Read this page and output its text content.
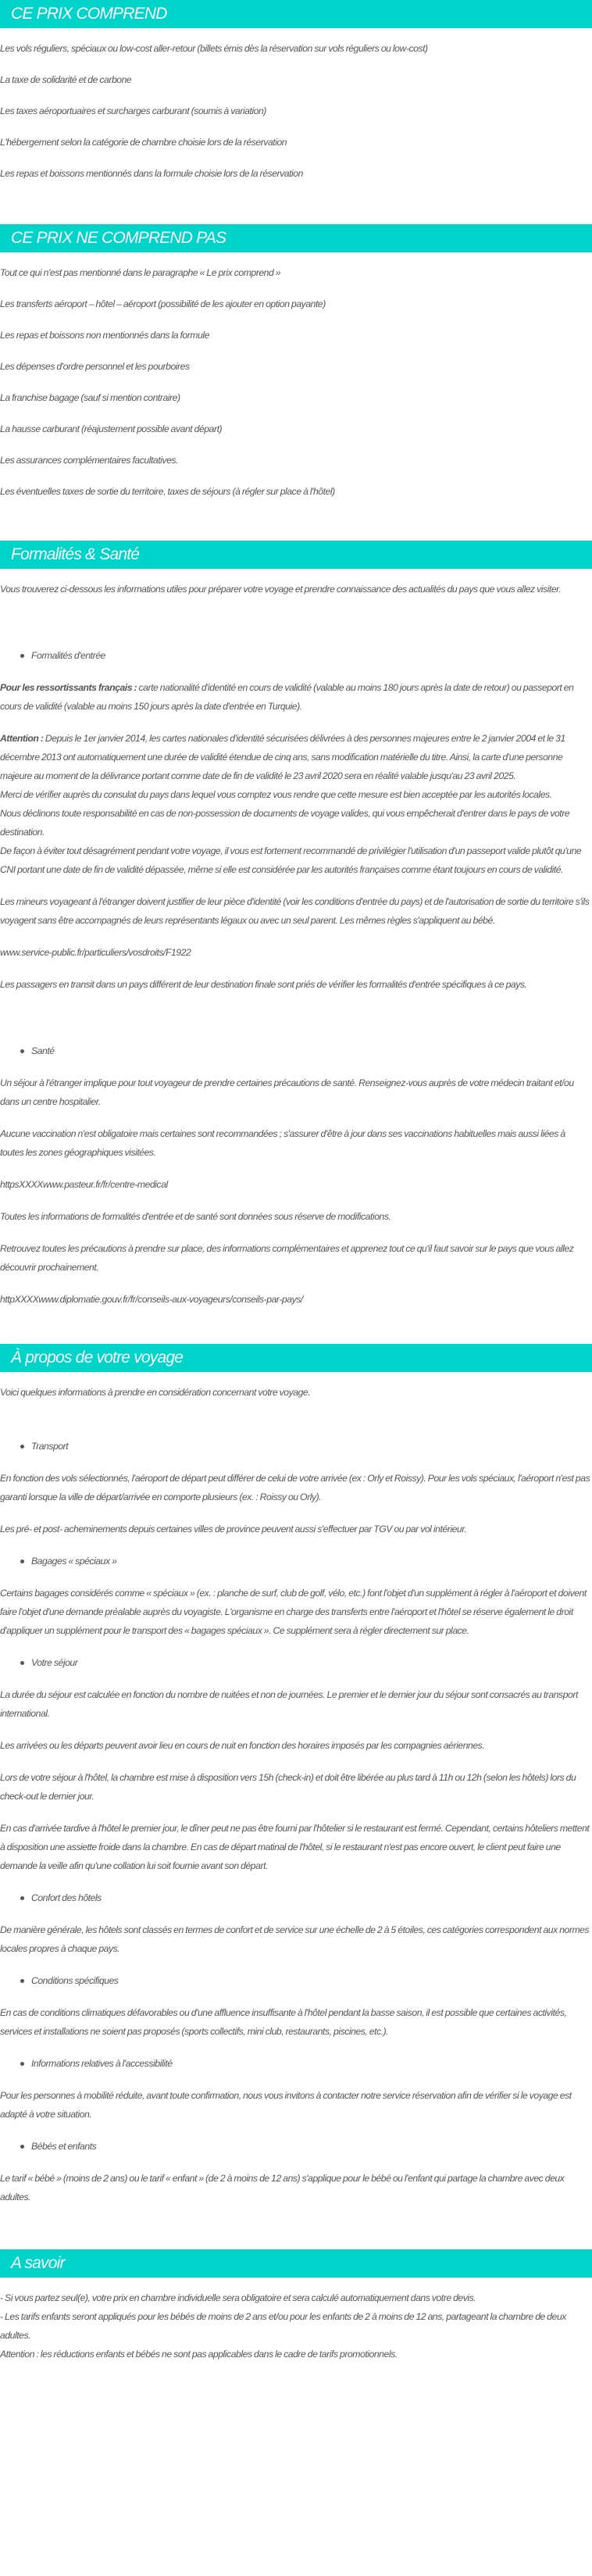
CE PRIX COMPREND
Les vols réguliers, spéciaux ou low-cost aller-retour (billets émis dès la réservation sur vols réguliers ou low-cost)
La taxe de solidarité et de carbone
Les taxes aéroportuaires et surcharges carburant (soumis à variation)
L'hébergement selon la catégorie de chambre choisie lors de la réservation
Les repas et boissons mentionnés dans la formule choisie lors de la réservation
CE PRIX NE COMPREND PAS
Tout ce qui n'est pas mentionné dans le paragraphe « Le prix comprend »
Les transferts aéroport – hôtel – aéroport (possibilité de les ajouter en option payante)
Les repas et boissons non mentionnés dans la formule
Les dépenses d'ordre personnel et les pourboires
La franchise bagage (sauf si mention contraire)
La hausse carburant (réajustement possible avant départ)
Les assurances complémentaires facultatives.
Les éventuelles taxes de sortie du territoire, taxes de séjours (à régler sur place à l'hôtel)
Formalités & Santé

Vous trouverez ci-dessous les informations utiles pour préparer votre voyage et prendre connaissance des actualités du pays que vous allez visiter.

Formalités d'entrée

Pour les ressortissants français : carte nationalité d'identité en cours de validité (valable au moins 180 jours après la date de retour) ou passeport en cours de validité (valable au moins 150 jours après la date d'entrée en Turquie).

Attention : Depuis le 1er janvier 2014, les cartes nationales d'identité sécurisées délivrées à des personnes majeures entre le 2 janvier 2004 et le 31 décembre 2013 ont automatiquement une durée de validité étendue de cinq ans, sans modification matérielle du titre. Ainsi, la carte d'une personne majeure au moment de la délivrance portant comme date de fin de validité le 23 avril 2020 sera en réalité valable jusqu'au 23 avril 2025.
Merci de vérifier auprès du consulat du pays dans lequel vous comptez vous rendre que cette mesure est bien acceptée par les autorités locales.
Nous déclinons toute responsabilité en cas de non-possession de documents de voyage valides, qui vous empêcherait d'entrer dans le pays de votre destination.
De façon à éviter tout désagrément pendant votre voyage, il vous est fortement recommandé de privilégier l'utilisation d'un passeport valide plutôt qu'une CNI portant une date de fin de validité dépassée, même si elle est considérée par les autorités françaises comme étant toujours en cours de validité.

Les mineurs voyageant à l'étranger doivent justifier de leur pièce d'identité (voir les conditions d'entrée du pays) et de l'autorisation de sortie du territoire s'ils voyagent sans être accompagnés de leurs représentants légaux ou avec un seul parent. Les mêmes règles s'appliquent au bébé.

www.service-public.fr/particuliers/vosdroits/F1922

Les passagers en transit dans un pays différent de leur destination finale sont priés de vérifier les formalités d'entrée spécifiques à ce pays.

Santé

Un séjour à l'étranger implique pour tout voyageur de prendre certaines précautions de santé. Renseignez-vous auprès de votre médecin traitant et/ou dans un centre hospitalier.

Aucune vaccination n'est obligatoire mais certaines sont recommandées ; s'assurer d'être à jour dans ses vaccinations habituelles mais aussi liées à toutes les zones géographiques visitées.

httpsXXXXwww.pasteur.fr/fr/centre-medical

Toutes les informations de formalités d'entrée et de santé sont données sous réserve de modifications.

Retrouvez toutes les précautions à prendre sur place, des informations complémentaires et apprenez tout ce qu'il faut savoir sur le pays que vous allez découvrir prochainement.

httpXXXXwww.diplomatie.gouv.fr/fr/conseils-aux-voyageurs/conseils-par-pays/

À propos de votre voyage

Voici quelques informations à prendre en considération concernant votre voyage.

Transport

En fonction des vols sélectionnés, l'aéroport de départ peut différer de celui de votre arrivée (ex : Orly et Roissy). Pour les vols spéciaux, l'aéroport n'est pas garanti lorsque la ville de départ/arrivée en comporte plusieurs (ex. : Roissy ou Orly).

Les pré- et post- acheminements depuis certaines villes de province peuvent aussi s'effectuer par TGV ou par vol intérieur.

Bagages « spéciaux »

Certains bagages considérés comme « spéciaux » (ex. : planche de surf, club de golf, vélo, etc.) font l'objet d'un supplément à régler à l'aéroport et doivent faire l'objet d'une demande préalable auprès du voyagiste. L'organisme en charge des transferts entre l'aéroport et l'hôtel se réserve également le droit d'appliquer un supplément pour le transport des « bagages spéciaux ». Ce supplément sera à régler directement sur place.

Votre séjour

La durée du séjour est calculée en fonction du nombre de nuitées et non de journées. Le premier et le dernier jour du séjour sont consacrés au transport international.

Les arrivées ou les départs peuvent avoir lieu en cours de nuit en fonction des horaires imposés par les compagnies aériennes.

Lors de votre séjour à l'hôtel, la chambre est mise à disposition vers 15h (check-in) et doit être libérée au plus tard à 11h ou 12h (selon les hôtels) lors du check-out le dernier jour.

En cas d'arrivée tardive à l'hôtel le premier jour, le dîner peut ne pas être fourni par l'hôtelier si le restaurant est fermé. Cependant, certains hôteliers mettent à disposition une assiette froide dans la chambre. En cas de départ matinal de l'hôtel, si le restaurant n'est pas encore ouvert, le client peut faire une demande la veille afin qu'une collation lui soit fournie avant son départ.

Confort des hôtels

De manière générale, les hôtels sont classés en termes de confort et de service sur une échelle de 2 à 5 étoiles, ces catégories correspondent aux normes locales propres à chaque pays.

Conditions spécifiques

En cas de conditions climatiques défavorables ou d'une affluence insuffisante à l'hôtel pendant la basse saison, il est possible que certaines activités, services et installations ne soient pas proposés (sports collectifs, mini club, restaurants, piscines, etc.).

Informations relatives à l'accessibilité

Pour les personnes à mobilité réduite, avant toute confirmation, nous vous invitons à contacter notre service réservation afin de vérifier si le voyage est adapté à votre situation.

Bébés et enfants

Le tarif « bébé » (moins de 2 ans) ou le tarif « enfant » (de 2 à moins de 12 ans) s'applique pour le bébé ou l'enfant qui partage la chambre avec deux adultes.

A savoir
- Si vous partez seul(e), votre prix en chambre individuelle sera obligatoire et sera calculé automatiquement dans votre devis.
- Les tarifs enfants seront appliqués pour les bébés de moins de 2 ans et/ou pour les enfants de 2 à moins de 12 ans, partageant la chambre de deux adultes.
Attention : les réductions enfants et bébés ne sont pas applicables dans le cadre de tarifs promotionnels.
